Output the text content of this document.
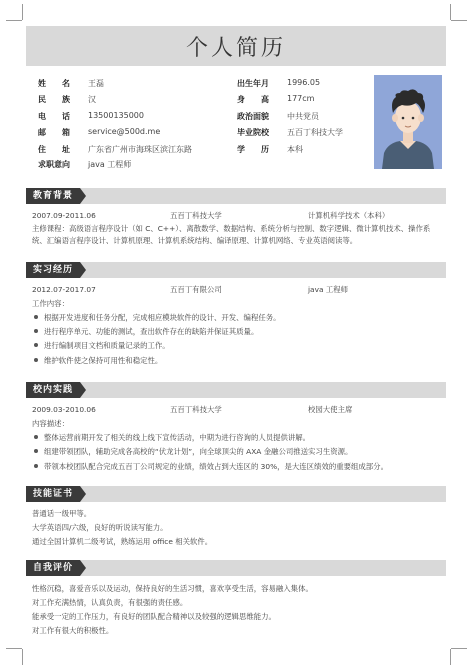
个人简历
姓　　名 王磊
民　　族 汉
电　　话 13500135000
邮　　箱 service@500d.me
住　　址 广东省广州市海珠区滨江东路
求职意向 java 工程师
出生年月 1996.05
身　　高 177cm
政治面貌 中共党员
毕业院校 五百丁科技大学
学　　历 本科
教育背景
2007.09-2011.06	五百丁科技大学	计算机科学技术（本科）
主修课程：高级语言程序设计（如 C、C++）、离散数学、数据结构、系统分析与控制、数字逻辑、微计算机技术、操作系统、汇编语言程序设计、计算机原理、计算机系统结构、编译原理、计算机网络、专业英语阅读等。
实习经历
2012.07-2017.07	五百丁有限公司	java 工程师
工作内容：
根据开发进度和任务分配，完成相应模块软件的设计、开发、编程任务。
进行程序单元、功能的测试，查出软件存在的缺陷并保证其质量。
进行编制项目文档和质量记录的工作。
维护软件使之保持可用性和稳定性。
校内实践
2009.03-2010.06	五百丁科技大学	校园大使主席
内容描述：
整体运营前期开发了相关的线上线下宣传活动，中期为进行咨询的人员提供讲解。
组建带领团队，辅助完成各高校的“伏龙计划”，向全球顶尖的 AXA 金融公司推送实习生资源。
带领本校团队配合完成五百丁公司规定的业绩，绩效占到大连区的 30%，是大连区绩效的重要组成部分。
技能证书
普通话一级甲等。
大学英语四/六级，良好的听说读写能力。
通过全国计算机二级考试，熟练运用 office 相关软件。
自我评价
性格沉稳，喜爱音乐以及运动，保持良好的生活习惯，喜欢享受生活，容易融入集体。
对工作充满热情，认真负责，有很强的责任感。
能承受一定的工作压力，有良好的团队配合精神以及较强的逻辑思维能力。
对工作有很大的积极性。
